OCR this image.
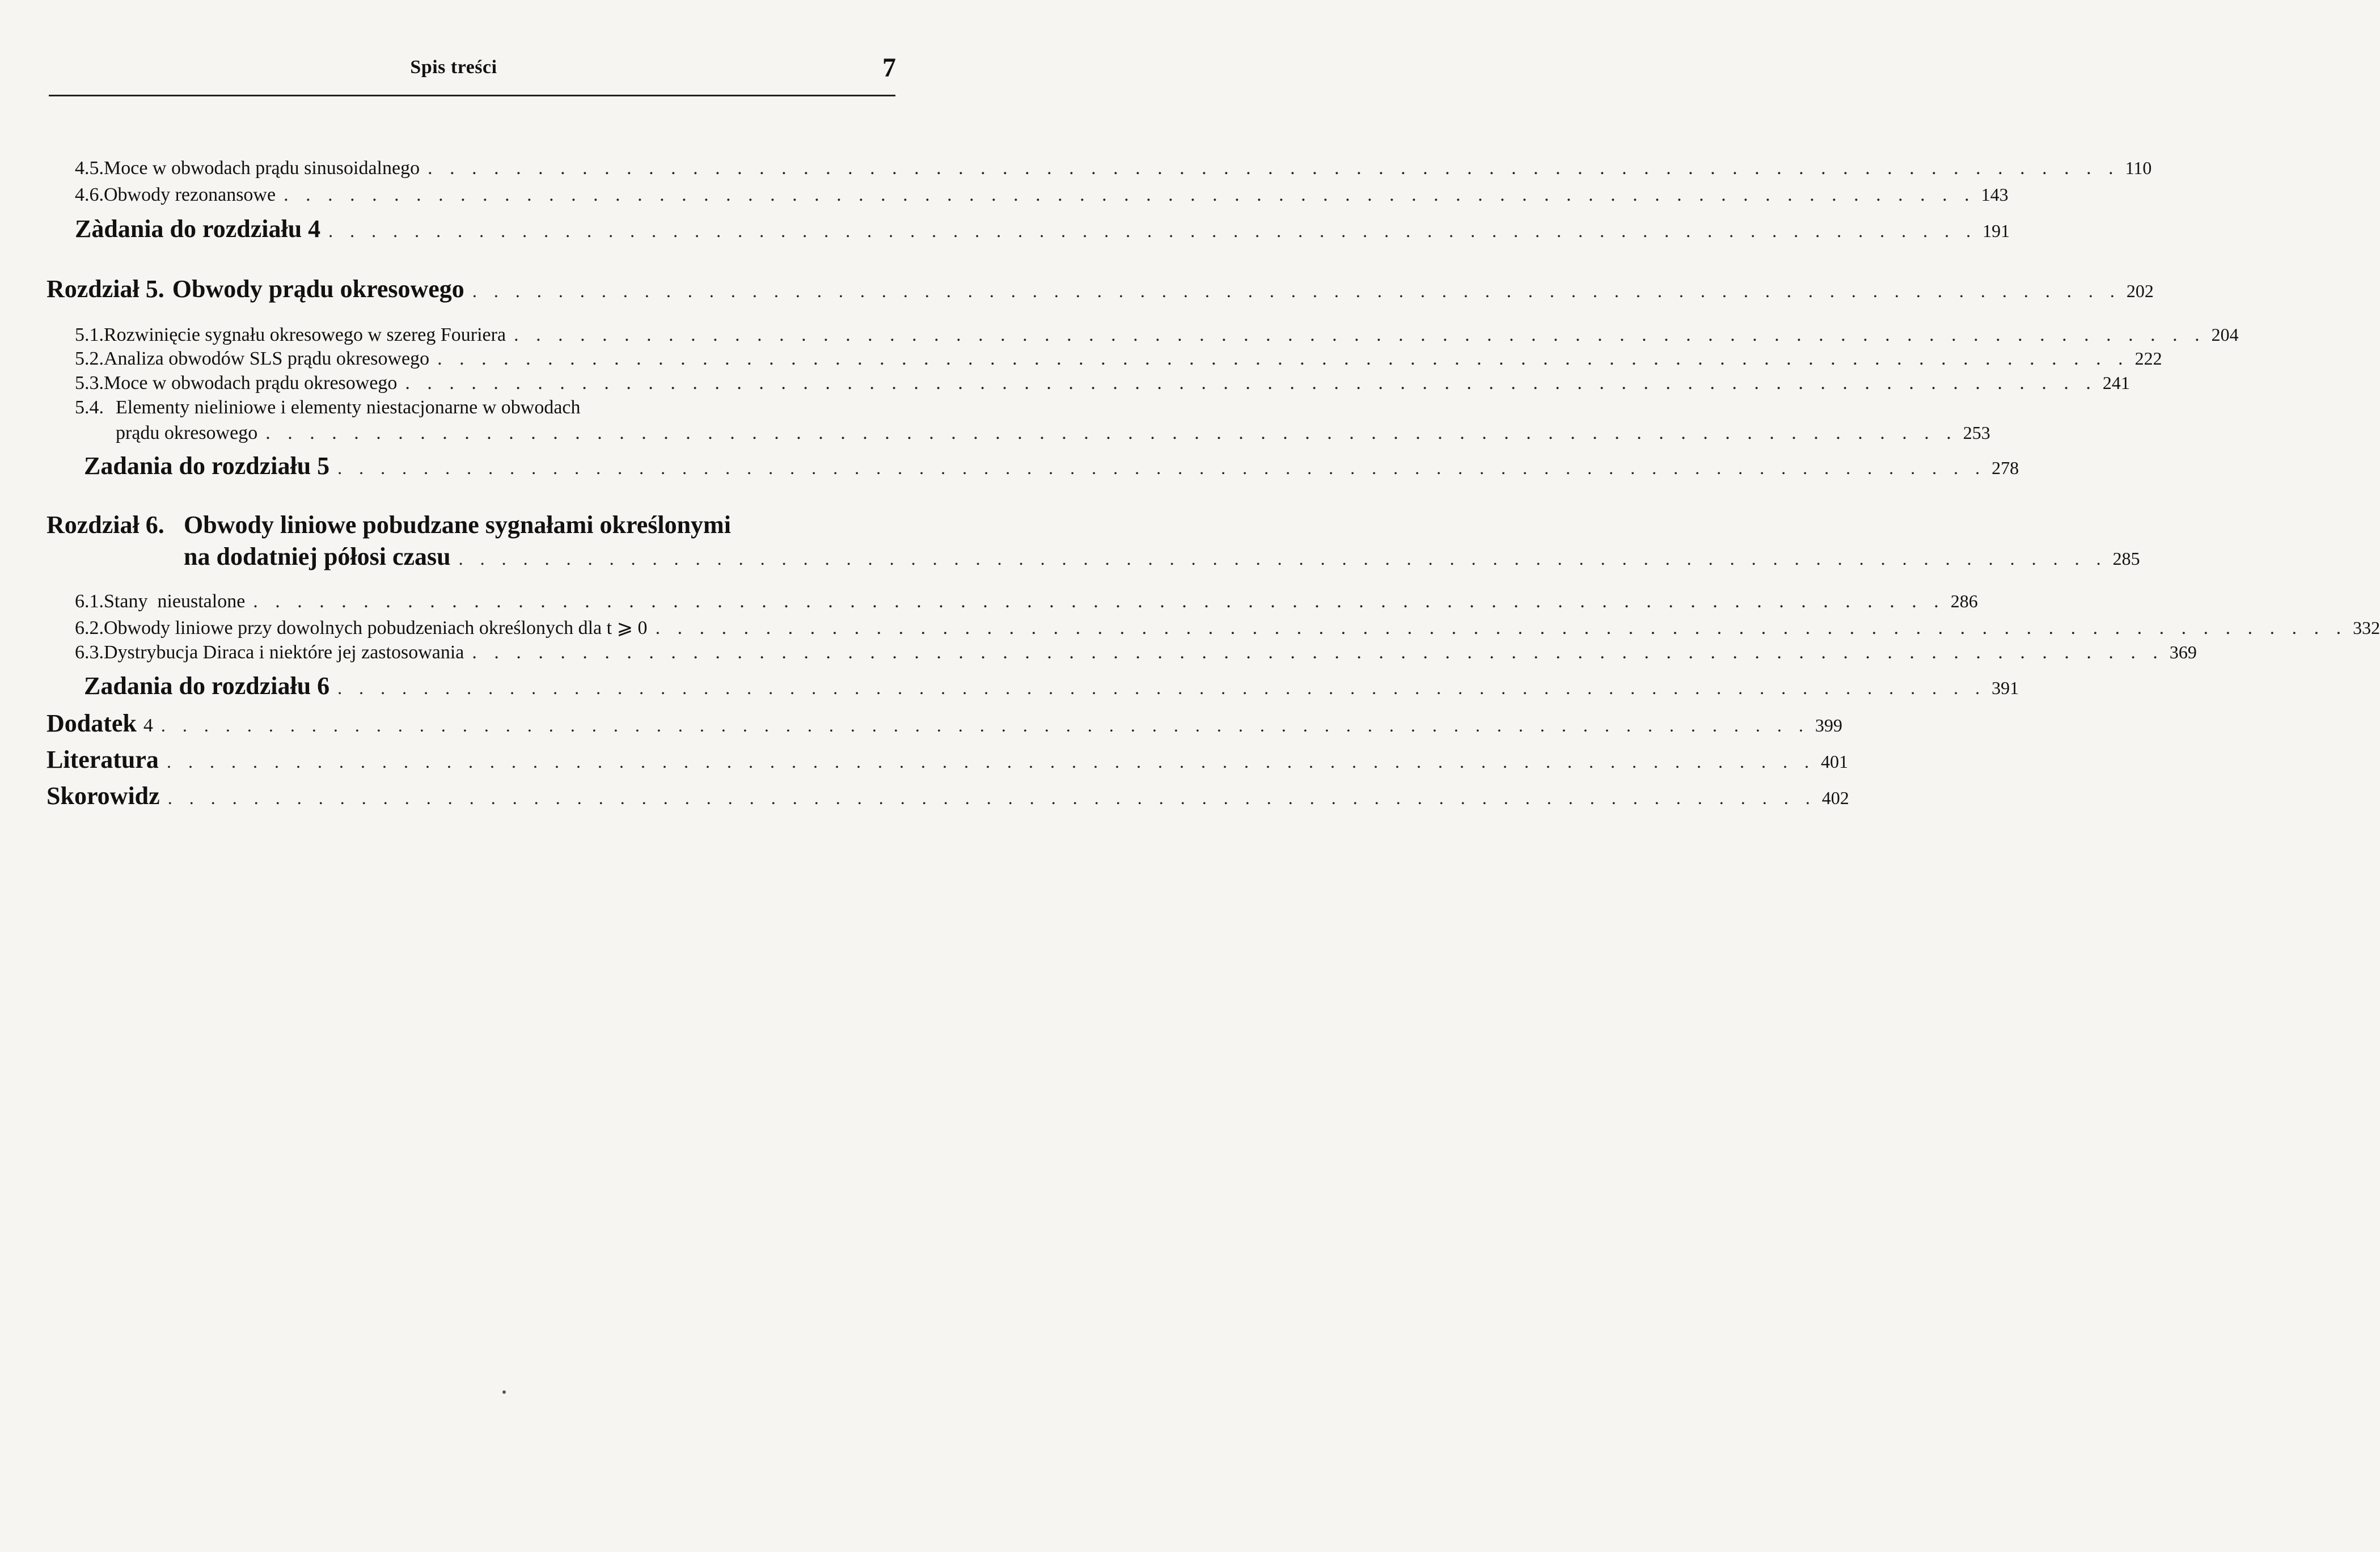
Spis treści	7
4.5. Moce w obwodach prądu sinusoidalnego . . . . . . . . . . . . . . . . . . . . . . . . . . . . . . . . . . . . . . . . . . . . . . . . . . . . . . . . . . . . . . . . . . . . . . . . . . . . . 110
4.6. Obwody rezonansowe . . . . . . . . . . . . . . . . . . . . . . . . . . . . . . . . . . . . . . . . . . . . . . . . . . . . . . . . . . . . . . . . . . . . . . . . . . . . . 143
Zàdania do rozdziału 4 . . . . . . . . . . . . . . . . . . . . . . . . . . . . . . . . . . . . . . . . . . . . . . . . . . . . . . . . . . . . . . . . . . . . . . . . . . . . . 191
Rozdział 5. Obwody prądu okresowego . . . . . . . . . . . . . . . . . . . . . . . . . . . . . . . . . . . . . . . . . . . . . . . . . . . . . . . . . . . . . . . . . . . . . . . . . . . . . 202
5.1. Rozwinięcie sygnału okresowego w szereg Fouriera . . . . . . . . . . . . . . . . . . . . . . . . . . . . . . . . . . . . . . . . . . . . . . . . . . . . . . . . . . . . . . . . . . . . . . . . . . . . . 204
5.2. Analiza obwodów SLS prądu okresowego . . . . . . . . . . . . . . . . . . . . . . . . . . . . . . . . . . . . . . . . . . . . . . . . . . . . . . . . . . . . . . . . . . . . . . . . . . . . . 222
5.3. Moce w obwodach prądu okresowego . . . . . . . . . . . . . . . . . . . . . . . . . . . . . . . . . . . . . . . . . . . . . . . . . . . . . . . . . . . . . . . . . . . . . . . . . . . . . 241
5.4. Elementy nieliniowe i elementy niestacjonarne w obwodach
prądu okresowego . . . . . . . . . . . . . . . . . . . . . . . . . . . . . . . . . . . . . . . . . . . . . . . . . . . . . . . . . . . . . . . . . . . . . . . . . . . . . 253
Zadania do rozdziału 5 . . . . . . . . . . . . . . . . . . . . . . . . . . . . . . . . . . . . . . . . . . . . . . . . . . . . . . . . . . . . . . . . . . . . . . . . . . . . . 278
Rozdział 6. Obwody liniowe pobudzane sygnałami określonymi
na dodatniej półosi czasu . . . . . . . . . . . . . . . . . . . . . . . . . . . . . . . . . . . . . . . . . . . . . . . . . . . . . . . . . . . . . . . . . . . . . . . . . . . . . 285
6.1. Stany  nieustalone . . . . . . . . . . . . . . . . . . . . . . . . . . . . . . . . . . . . . . . . . . . . . . . . . . . . . . . . . . . . . . . . . . . . . . . . . . . . . 286
6.2. Obwody liniowe przy dowolnych pobudzeniach określonych dla t ⩾ 0 . . . . . . . . . . . . . . . . . . . . . . . . . . . . . . . . . . . . . . . . . . . . . . . . . . . . . . . . . . . . . . . . . . . . . . . . . . . . . 332
6.3. Dystrybucja Diraca i niektóre jej zastosowania . . . . . . . . . . . . . . . . . . . . . . . . . . . . . . . . . . . . . . . . . . . . . . . . . . . . . . . . . . . . . . . . . . . . . . . . . . . . . 369
Zadania do rozdziału 6 . . . . . . . . . . . . . . . . . . . . . . . . . . . . . . . . . . . . . . . . . . . . . . . . . . . . . . . . . . . . . . . . . . . . . . . . . . . . . 391
Dodatek 4 . . . . . . . . . . . . . . . . . . . . . . . . . . . . . . . . . . . . . . . . . . . . . . . . . . . . . . . . . . . . . . . . . . . . . . . . . . . . . 399
Literatura . . . . . . . . . . . . . . . . . . . . . . . . . . . . . . . . . . . . . . . . . . . . . . . . . . . . . . . . . . . . . . . . . . . . . . . . . . . . . 401
Skorowidz . . . . . . . . . . . . . . . . . . . . . . . . . . . . . . . . . . . . . . . . . . . . . . . . . . . . . . . . . . . . . . . . . . . . . . . . . . . . . 402
